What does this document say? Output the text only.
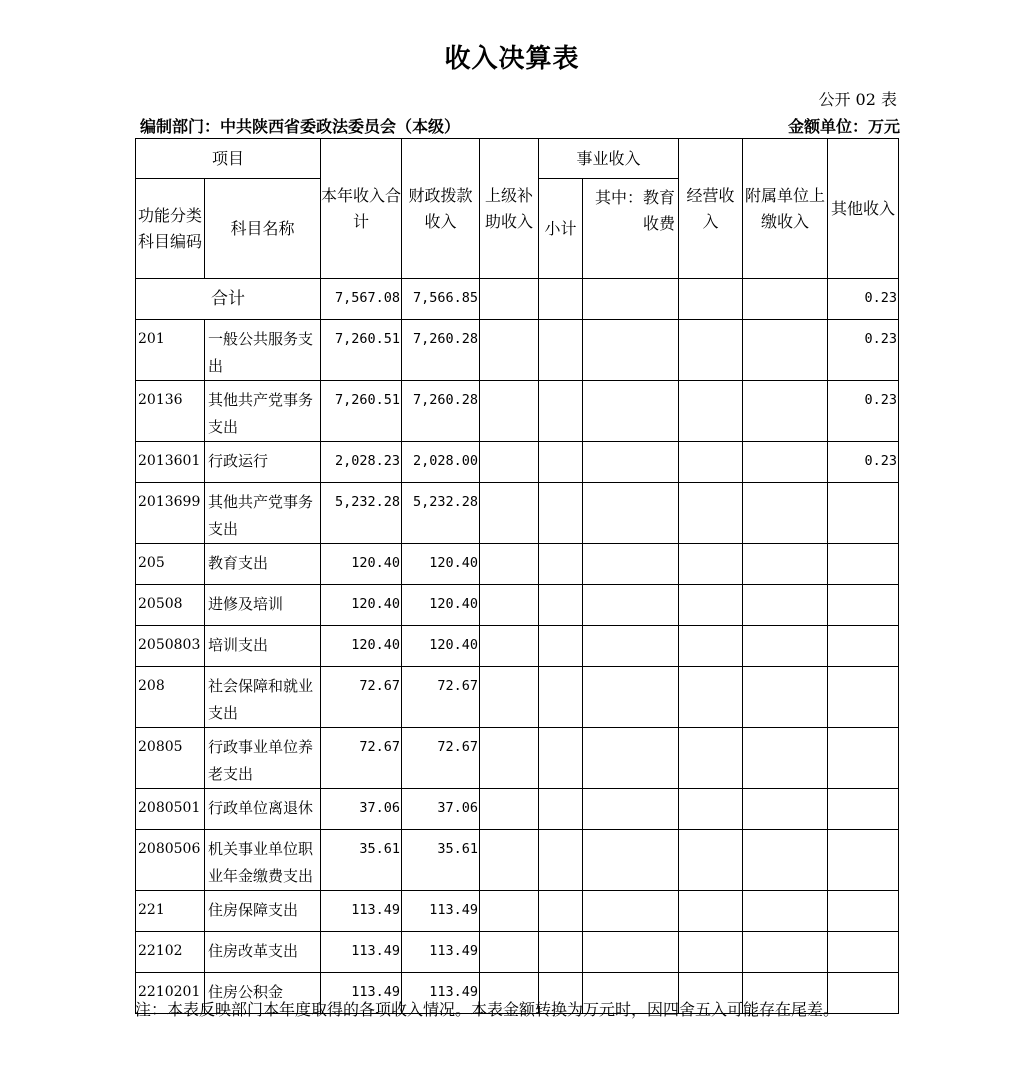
收入决算表
公开 02 表
编制部门：中共陕西省委政法委员会（本级）	金额单位：万元
项目		本年收入合计	财政拨款收入	上级补助收入	事业收入		经营收入	附属单位上缴收入	其他收入
功能分类科目编码	科目名称				小计	其中：教育收费			
合计		7,567.08	7,566.85						0.23
201	一般公共服务支出	7,260.51	7,260.28						0.23
20136	其他共产党事务支出	7,260.51	7,260.28						0.23
2013601	行政运行	2,028.23	2,028.00						0.23
2013699	其他共产党事务支出	5,232.28	5,232.28						
205	教育支出	120.40	120.40						
20508	进修及培训	120.40	120.40						
2050803	培训支出	120.40	120.40						
208	社会保障和就业支出	72.67	72.67						
20805	行政事业单位养老支出	72.67	72.67						
2080501	行政单位离退休	37.06	37.06						
2080506	机关事业单位职业年金缴费支出	35.61	35.61						
221	住房保障支出	113.49	113.49						
22102	住房改革支出	113.49	113.49						
2210201	住房公积金	113.49	113.49						
注：本表反映部门本年度取得的各项收入情况。本表金额转换为万元时，因四舍五入可能存在尾差。
